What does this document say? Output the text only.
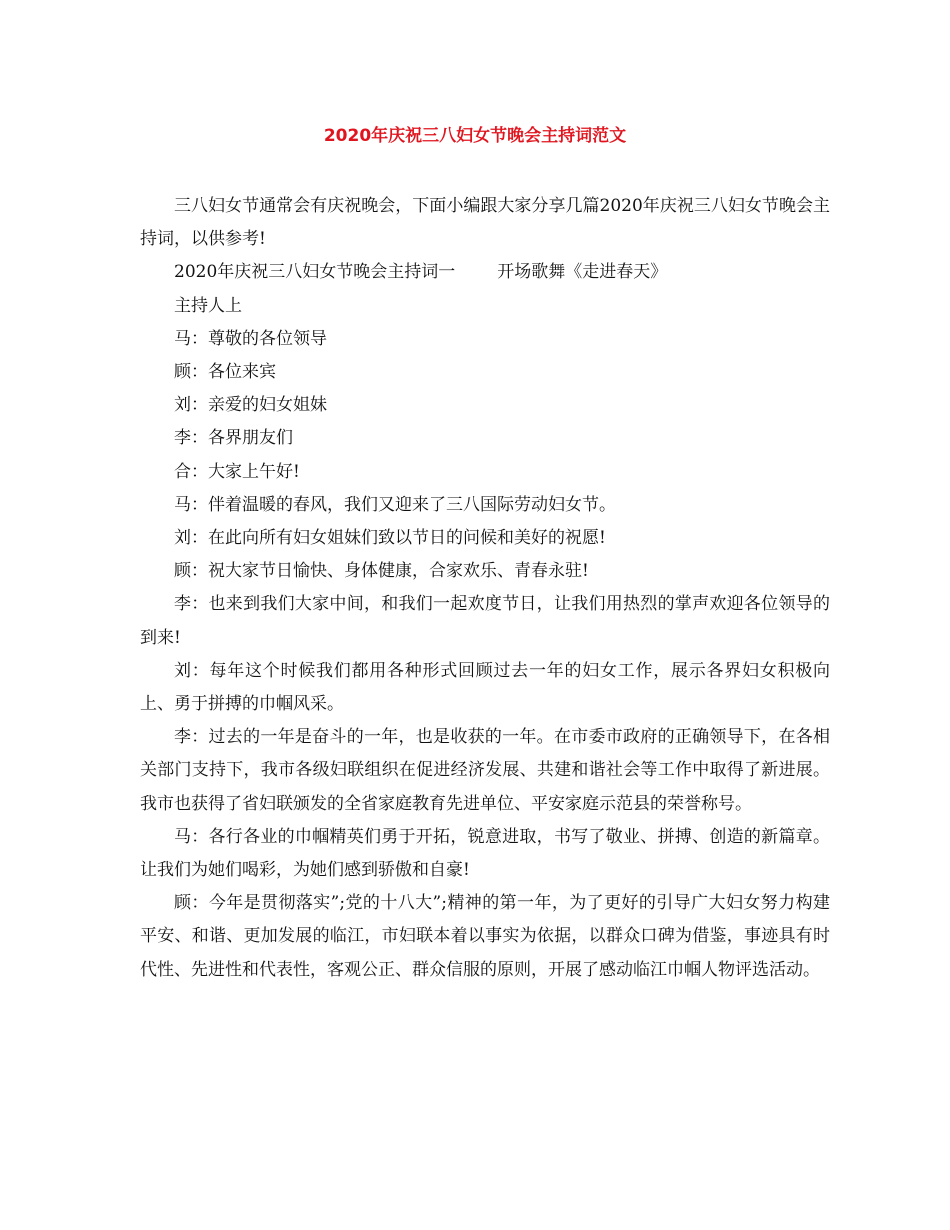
2020年庆祝三八妇女节晚会主持词范文

三八妇女节通常会有庆祝晚会，下面小编跟大家分享几篇2020年庆祝三八妇女节晚会主持词，以供参考!

2020年庆祝三八妇女节晚会主持词一 开场歌舞《走进春天》

主持人上

马：尊敬的各位领导

顾：各位来宾

刘：亲爱的妇女姐妹

李：各界朋友们

合：大家上午好!

马：伴着温暖的春风，我们又迎来了三八国际劳动妇女节。

刘：在此向所有妇女姐妹们致以节日的问候和美好的祝愿!

顾：祝大家节日愉快、身体健康，合家欢乐、青春永驻!

李：也来到我们大家中间，和我们一起欢度节日，让我们用热烈的掌声欢迎各位领导的到来!

刘：每年这个时候我们都用各种形式回顾过去一年的妇女工作，展示各界妇女积极向上、勇于拼搏的巾帼风采。

李：过去的一年是奋斗的一年，也是收获的一年。在市委市政府的正确领导下，在各相关部门支持下，我市各级妇联组织在促进经济发展、共建和谐社会等工作中取得了新进展。我市也获得了省妇联颁发的全省家庭教育先进单位、平安家庭示范县的荣誉称号。

马：各行各业的巾帼精英们勇于开拓，锐意进取，书写了敬业、拼搏、创造的新篇章。让我们为她们喝彩，为她们感到骄傲和自豪!

顾：今年是贯彻落实”;党的十八大”;精神的第一年，为了更好的引导广大妇女努力构建平安、和谐、更加发展的临江，市妇联本着以事实为依据，以群众口碑为借鉴，事迹具有时代性、先进性和代表性，客观公正、群众信服的原则，开展了感动临江巾帼人物评选活动。
